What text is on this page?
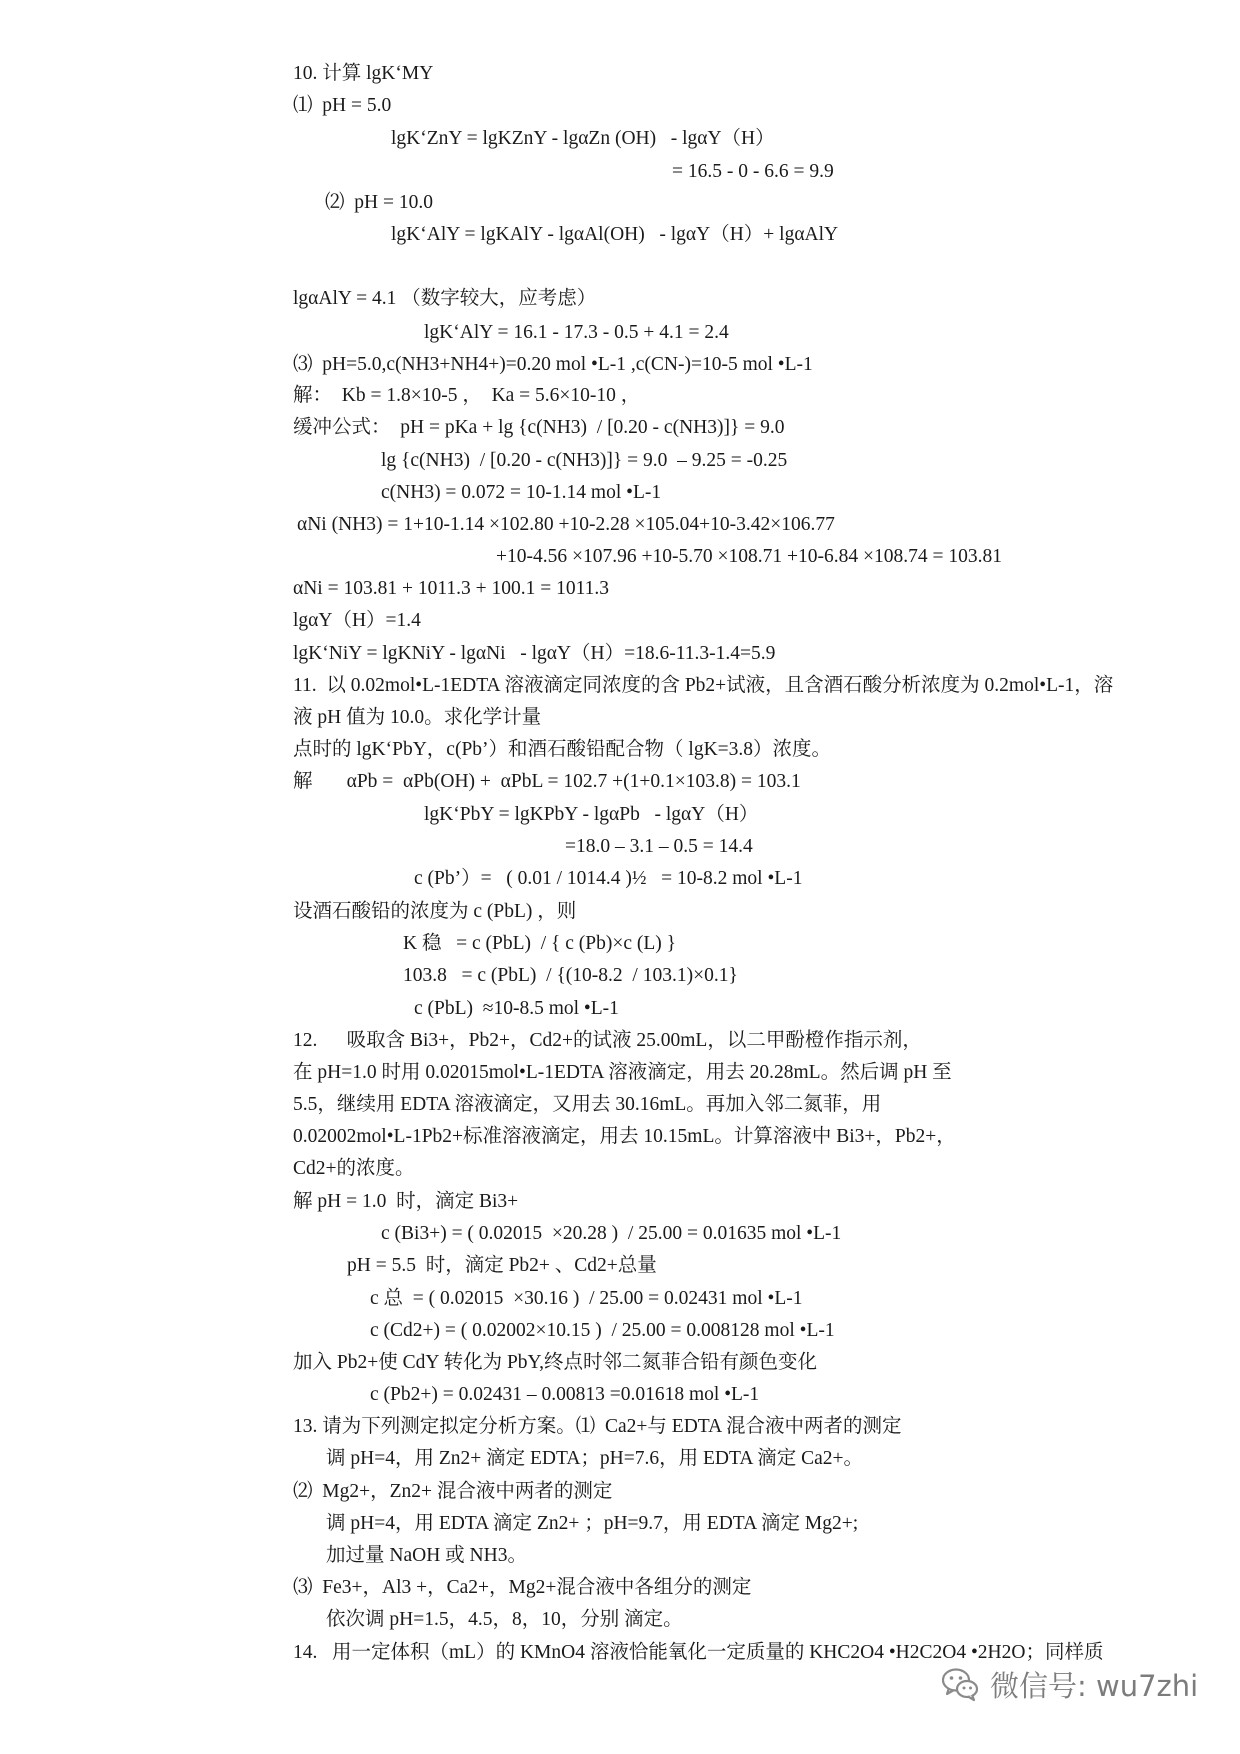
10. 计算 lgK‘MY
⑴  pH = 5.0
lgK‘ZnY = lgKZnY - lgαZn (OH)   - lgαY（H）
= 16.5 - 0 - 6.6 = 9.9
⑵  pH = 10.0
lgK‘AlY = lgKAlY - lgαAl(OH)   - lgαY（H）+ lgαAlY
lgαAlY = 4.1 （数字较大，应考虑）
lgK‘AlY = 16.1 - 17.3 - 0.5 + 4.1 = 2.4
⑶  pH=5.0,c(NH3+NH4+)=0.20 mol •L-1 ,c(CN-)=10-5 mol •L-1
解：  Kb = 1.8×10-5 ，  Ka = 5.6×10-10 ，
缓冲公式：  pH = pKa + lg {c(NH3)  / [0.20 - c(NH3)]} = 9.0
lg {c(NH3)  / [0.20 - c(NH3)]} = 9.0  – 9.25 = -0.25
c(NH3) = 0.072 = 10-1.14 mol •L-1
αNi (NH3) = 1+10-1.14 ×102.80 +10-2.28 ×105.04+10-3.42×106.77
+10-4.56 ×107.96 +10-5.70 ×108.71 +10-6.84 ×108.74 = 103.81
αNi = 103.81 + 1011.3 + 100.1 = 1011.3
lgαY（H）=1.4
lgK‘NiY = lgKNiY - lgαNi   - lgαY（H）=18.6-11.3-1.4=5.9
11.  以 0.02mol•L-1EDTA 溶液滴定同浓度的含 Pb2+试液，且含酒石酸分析浓度为 0.2mol•L-1，溶
液 pH 值为 10.0。求化学计量
点时的 lgK‘PbY，c(Pb’）和酒石酸铅配合物（ lgK=3.8）浓度。
解       αPb =  αPb(OH) +  αPbL = 102.7 +(1+0.1×103.8) = 103.1
lgK‘PbY = lgKPbY - lgαPb   - lgαY（H）
=18.0 – 3.1 – 0.5 = 14.4
c (Pb’）=   ( 0.01 / 1014.4 )½   = 10-8.2 mol •L-1
设酒石酸铅的浓度为 c (PbL) ，则
K 稳   = c (PbL)  / { c (Pb)×c (L) }
103.8   = c (PbL)  / {(10-8.2  / 103.1)×0.1}
c (PbL)  ≈10-8.5 mol •L-1
12.      吸取含 Bi3+，Pb2+，Cd2+的试液 25.00mL，以二甲酚橙作指示剂，
在 pH=1.0 时用 0.02015mol•L-1EDTA 溶液滴定，用去 20.28mL。然后调 pH 至
5.5，继续用 EDTA 溶液滴定，又用去 30.16mL。再加入邻二氮菲，用
0.02002mol•L-1Pb2+标准溶液滴定，用去 10.15mL。计算溶液中 Bi3+，Pb2+，
Cd2+的浓度。
解 pH = 1.0  时，滴定 Bi3+
c (Bi3+) = ( 0.02015  ×20.28 )  / 25.00 = 0.01635 mol •L-1
pH = 5.5  时，滴定 Pb2+ 、Cd2+总量
c 总  = ( 0.02015  ×30.16 )  / 25.00 = 0.02431 mol •L-1
c (Cd2+) = ( 0.02002×10.15 )  / 25.00 = 0.008128 mol •L-1
加入 Pb2+使 CdY 转化为 PbY,终点时邻二氮菲合铅有颜色变化
c (Pb2+) = 0.02431 – 0.00813 =0.01618 mol •L-1
13. 请为下列测定拟定分析方案。⑴  Ca2+与 EDTA 混合液中两者的测定
调 pH=4，用 Zn2+ 滴定 EDTA；pH=7.6，用 EDTA 滴定 Ca2+。
⑵  Mg2+，Zn2+ 混合液中两者的测定
调 pH=4，用 EDTA 滴定 Zn2+ ；pH=9.7，用 EDTA 滴定 Mg2+;
加过量 NaOH 或 NH3。
⑶  Fe3+，Al3 +，Ca2+，Mg2+混合液中各组分的测定
依次调 pH=1.5，4.5，8，10，分别 滴定。
14.   用一定体积（mL）的 KMnO4 溶液恰能氧化一定质量的 KHC2O4 •H2C2O4 •2H2O；同样质
微信号: wu7zhi
